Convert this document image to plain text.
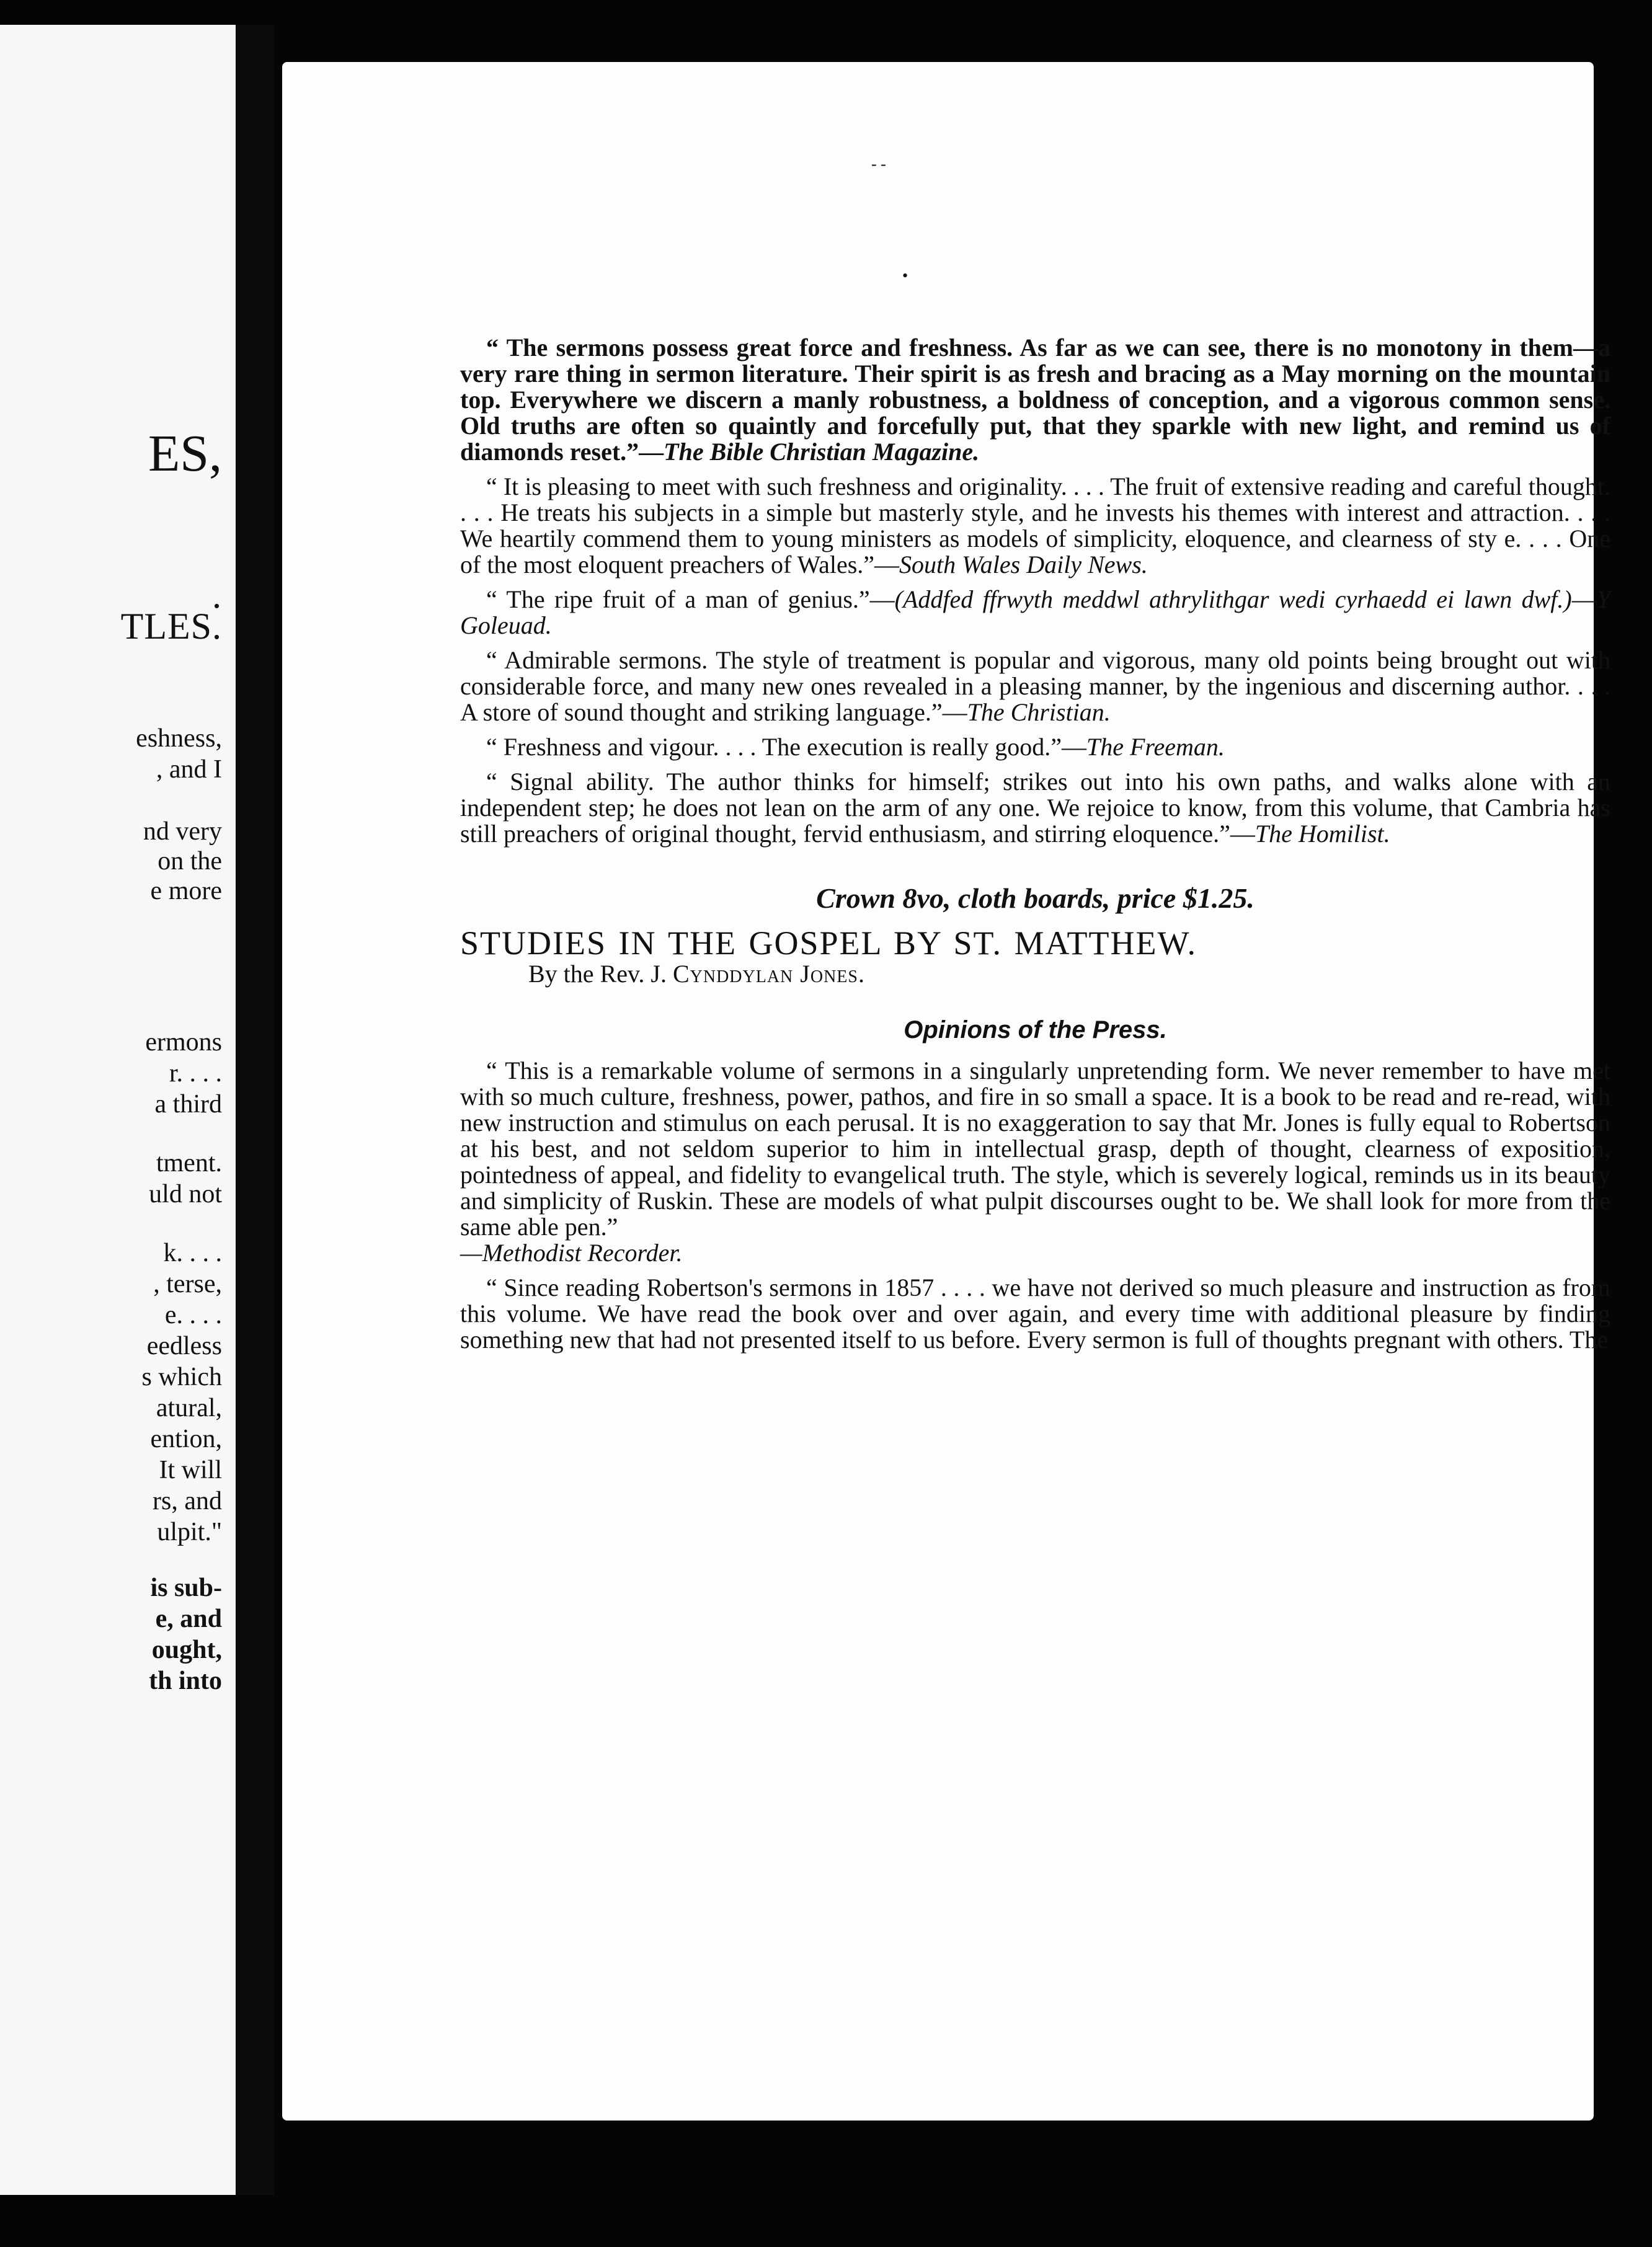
ES,
.
TLES.
eshness,
, and I
nd very
on the
e more
ermons
r. . . .
a third
tment.
uld not
k. . . .
, terse,
e. . . .
eedless
s which
atural,
ention,
It will
rs, and
ulpit."
is sub-
e, and
ought,
th into
- -
•

“ The sermons possess great force and freshness. As far as we can see, there is no monotony in them—a very rare thing in sermon literature. Their spirit is as fresh and bracing as a May morning on the mountain top. Everywhere we discern a manly robustness, a boldness of conception, and a vigorous common sense. Old truths are often so quaintly and forcefully put, that they sparkle with new light, and remind us of diamonds reset.”—The Bible Christian Magazine.

“ It is pleasing to meet with such freshness and originality. . . . The fruit of extensive reading and careful thought. . . . He treats his subjects in a simple but masterly style, and he invests his themes with interest and attraction. . . . We heartily commend them to young ministers as models of simplicity, eloquence, and clearness of sty e. . . . One of the most eloquent preachers of Wales.”—South Wales Daily News.

“ The ripe fruit of a man of genius.”—(Addfed ffrwyth meddwl athrylithgar wedi cyrhaedd ei lawn dwf.)—Y Goleuad.

“ Admirable sermons. The style of treatment is popular and vigorous, many old points being brought out with considerable force, and many new ones revealed in a pleasing manner, by the ingenious and discerning author. . . . A store of sound thought and striking language.”—The Christian.

“ Freshness and vigour. . . . The execution is really good.”—The Freeman.

“ Signal ability. The author thinks for himself; strikes out into his own paths, and walks alone with an independent step; he does not lean on the arm of any one. We rejoice to know, from this volume, that Cambria has still preachers of original thought, fervid enthusiasm, and stirring eloquence.”—The Homilist.

Crown 8vo, cloth boards, price $1.25.
STUDIES IN THE GOSPEL BY ST. MATTHEW.
By the Rev. J. Cynddylan Jones.
Opinions of the Press.

“ This is a remarkable volume of sermons in a singularly unpretending form. We never remember to have met with so much culture, freshness, power, pathos, and fire in so small a space. It is a book to be read and re-read, with new instruction and stimulus on each perusal. It is no exaggeration to say that Mr. Jones is fully equal to Robertson at his best, and not seldom superior to him in intellectual grasp, depth of thought, clearness of exposition, pointedness of appeal, and fidelity to evangelical truth. The style, which is severely logical, reminds us in its beauty and simplicity of Ruskin. These are models of what pulpit discourses ought to be. We shall look for more from the same able pen.”
—Methodist Recorder.

“ Since reading Robertson's sermons in 1857 . . . . we have not derived so much pleasure and instruction as from this volume. We have read the book over and over again, and every time with additional pleasure by finding something new that had not presented itself to us before. Every sermon is full of thoughts pregnant with others. The
